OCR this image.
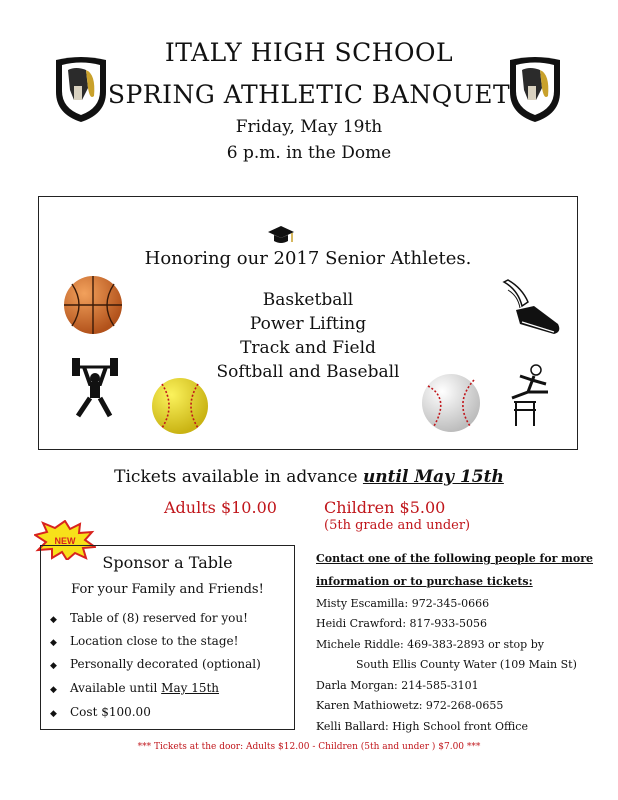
ITALY HIGH SCHOOL
SPRING ATHLETIC BANQUET
Friday, May 19th
6 p.m. in the Dome
Honoring our 2017 Senior Athletes.
Basketball
Power Lifting
Track and Field
Softball and Baseball
Tickets available in advance until May 15th
Adults $10.00	Children $5.00
(5th grade and under)
NEW
Sponsor a Table
For your Family and Friends!
◆ Table of (8) reserved for you!
◆ Location close to the stage!
◆ Personally decorated (optional)
◆ Available until May 15th
◆ Cost $100.00
Contact one of the following people for more
information or to purchase tickets:
Misty Escamilla: 972-345-0666
Heidi Crawford: 817-933-5056
Michele Riddle: 469-383-2893 or stop by
South Ellis County Water (109 Main St)
Darla Morgan: 214-585-3101
Karen Mathiowetz: 972-268-0655
Kelli Ballard: High School front Office
*** Tickets at the door: Adults $12.00 - Children (5th and under ) $7.00 ***
